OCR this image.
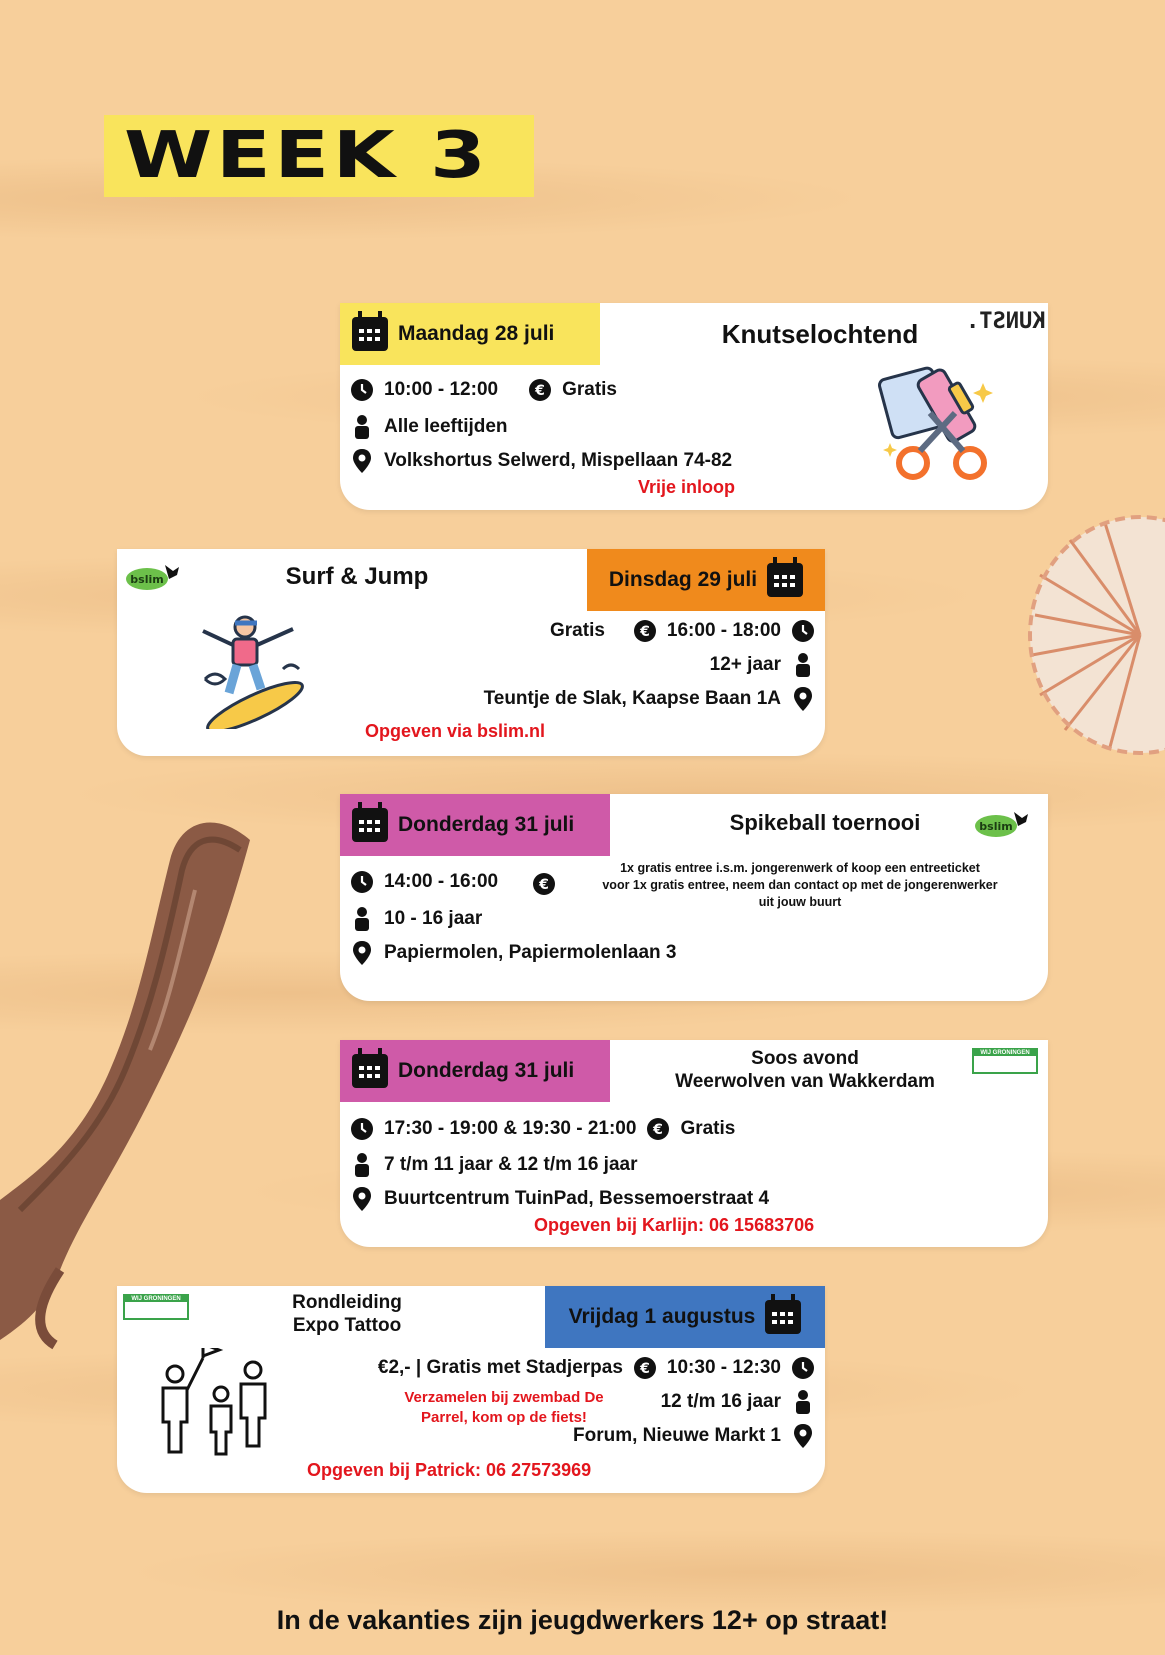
WEEK 3
Maandag 28 juli	Knutselochtend	KUNST.
10:00 - 12:00	€ Gratis
Alle leeftijden
Volkshortus Selwerd, Mispellaan 74-82
Vrije inloop
bslim	Surf & Jump	Dinsdag 29 juli
Gratis	€ 16:00 - 18:00
12+ jaar
Teuntje de Slak, Kaapse Baan 1A
Opgeven via bslim.nl
Donderdag 31 juli	Spikeball toernooi	bslim
14:00 - 16:00	€
1x gratis entree i.s.m. jongerenwerk of koop een entreeticket
voor 1x gratis entree, neem dan contact op met de jongerenwerker
uit jouw buurt
10 - 16 jaar
Papiermolen, Papiermolenlaan 3
Donderdag 31 juli
Soos avond
Weerwolven van Wakkerdam
WIJ GRONINGEN
17:30 - 19:00 & 19:30 - 21:00 € Gratis
7 t/m 11 jaar & 12 t/m 16 jaar
Buurtcentrum TuinPad, Bessemoerstraat 4
Opgeven bij Karlijn: 06 15683706
WIJ GRONINGEN	Rondleiding
Expo Tattoo	Vrijdag 1 augustus
€2,- | Gratis met Stadjerpas € 10:30 - 12:30
Verzamelen bij zwembad De
Parrel, kom op de fiets!
12 t/m 16 jaar
Forum, Nieuwe Markt 1
Opgeven bij Patrick: 06 27573969
In de vakanties zijn jeugdwerkers 12+ op straat!
